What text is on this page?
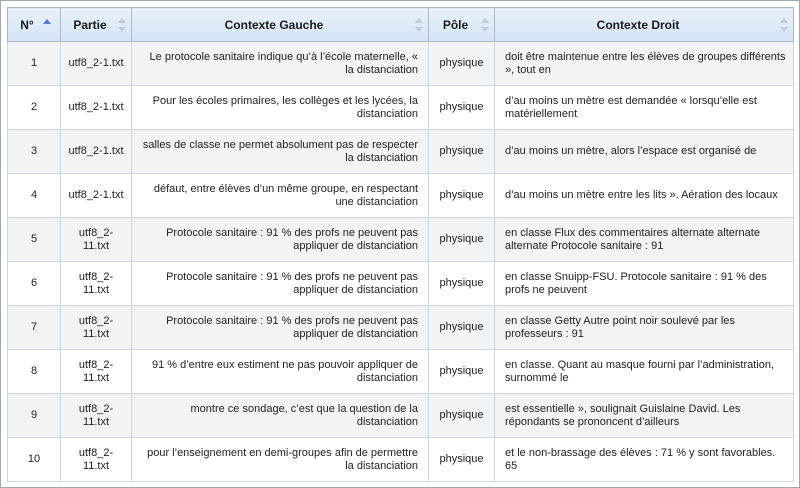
N°	Partie	Contexte Gauche	Pôle	Contexte Droit

1	utf8_2-1.txt	Le protocole sanitaire indique qu’à l’école maternelle, « la distanciation	physique	doit être maintenue entre les élèves de groupes différents », tout en
2	utf8_2-1.txt	Pour les écoles primaires, les collèges et les lycées, la distanciation	physique	d’au moins un mètre est demandée « lorsqu’elle est matériellement
3	utf8_2-1.txt	salles de classe ne permet absolument pas de respecter la distanciation	physique	d’au moins un mètre, alors l’espace est organisé de
4	utf8_2-1.txt	défaut, entre élèves d’un même groupe, en respectant une distanciation	physique	d’au moins un mètre entre les lits ». Aération des locaux
5	utf8_2-11.txt	Protocole sanitaire : 91 % des profs ne peuvent pas appliquer de distanciation	physique	en classe Flux des commentaires alternate alternate alternate Protocole sanitaire : 91
6	utf8_2-11.txt	Protocole sanitaire : 91 % des profs ne peuvent pas appliquer de distanciation	physique	en classe Snuipp-FSU. Protocole sanitaire : 91 % des profs ne peuvent
7	utf8_2-11.txt	Protocole sanitaire : 91 % des profs ne peuvent pas appliquer de distanciation	physique	en classe Getty Autre point noir soulevé par les professeurs : 91
8	utf8_2-11.txt	91 % d’entre eux estiment ne pas pouvoir appliquer de distanciation	physique	en classe. Quant au masque fourni par l’administration, surnommé le
9	utf8_2-11.txt	montre ce sondage, c’est que la question de la distanciation	physique	est essentielle », soulignait Guislaine David. Les répondants se prononcent d’ailleurs
10	utf8_2-11.txt	pour l’enseignement en demi-groupes afin de permettre la distanciation	physique	et le non-brassage des élèves : 71 % y sont favorables. 65
